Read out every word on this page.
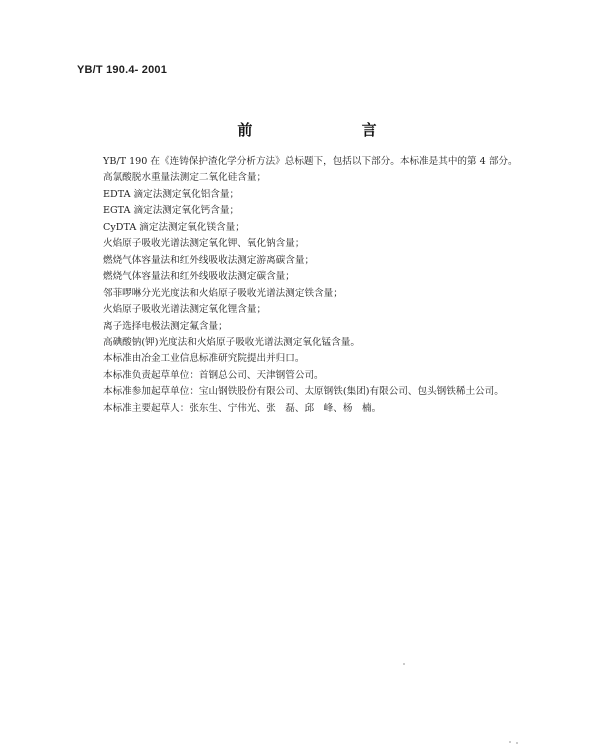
YB/T 190.4- 2001
前 言

YB/T 190 在《连铸保护渣化学分析方法》总标题下，包括以下部分。本标准是其中的第 4 部分。

高氯酸脱水重量法测定二氧化硅含量；

EDTA 滴定法测定氧化铝含量；

EGTA 滴定法测定氧化钙含量；

CyDTA 滴定法测定氧化镁含量；

火焰原子吸收光谱法测定氧化钾、氧化钠含量；

燃烧气体容量法和红外线吸收法测定游离碳含量；

燃烧气体容量法和红外线吸收法测定碳含量；

邻菲啰啉分光光度法和火焰原子吸收光谱法测定铁含量；

火焰原子吸收光谱法测定氧化锂含量；

离子选择电极法测定氟含量；

高碘酸钠(钾)光度法和火焰原子吸收光谱法测定氧化锰含量。

本标准由冶金工业信息标准研究院提出并归口。

本标准负责起草单位：首钢总公司、天津钢管公司。

本标准参加起草单位：宝山钢铁股份有限公司、太原钢铁(集团)有限公司、包头钢铁稀土公司。

本标准主要起草人：张东生、宁伟光、张　磊、邱　峰、杨　楠。
